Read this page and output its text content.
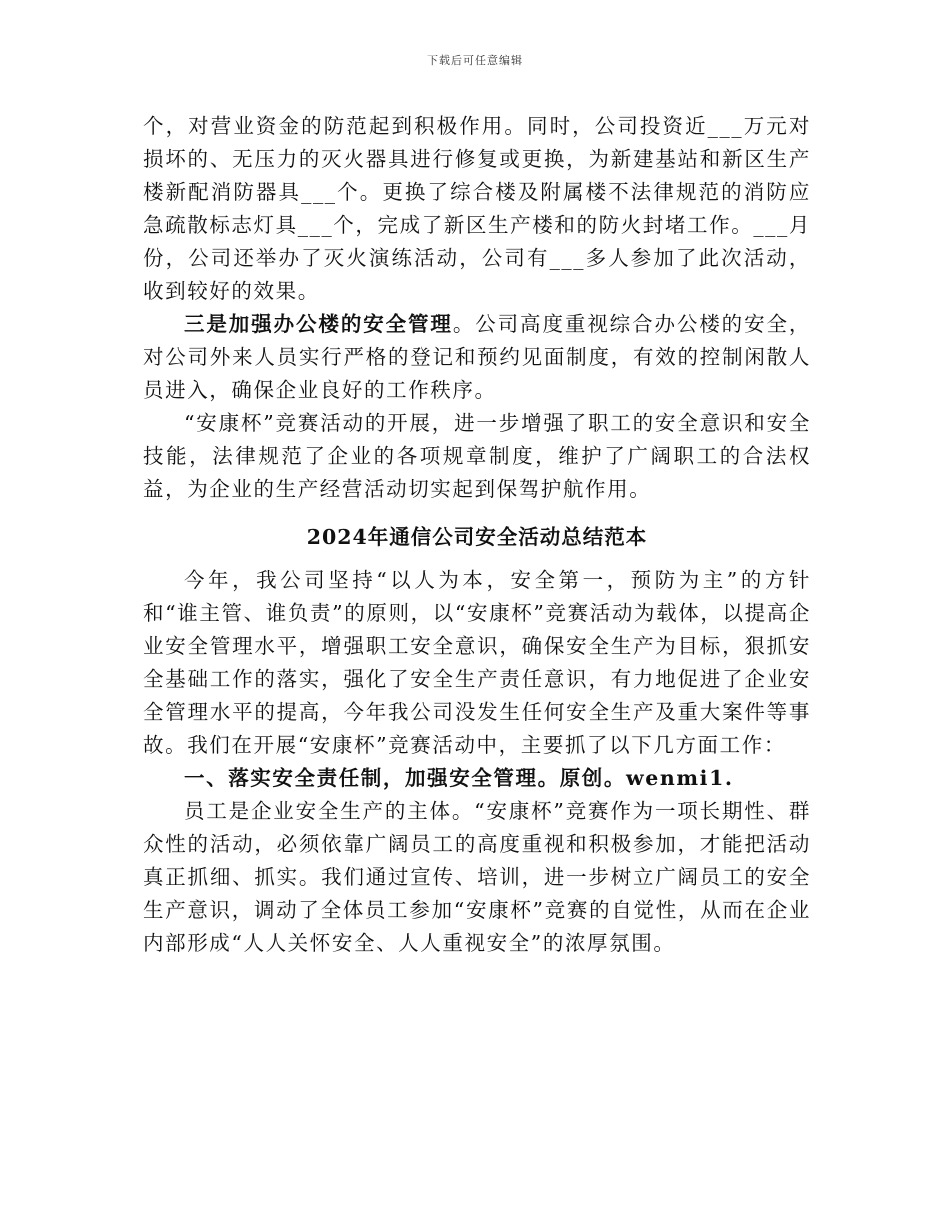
下载后可任意编辑

个，对营业资金的防范起到积极作用。同时，公司投资近___万元对损坏的、无压力的灭火器具进行修复或更换，为新建基站和新区生产楼新配消防器具___个。更换了综合楼及附属楼不法律规范的消防应急疏散标志灯具___个，完成了新区生产楼和的防火封堵工作。___月份，公司还举办了灭火演练活动，公司有___多人参加了此次活动，收到较好的效果。

三是加强办公楼的安全管理。公司高度重视综合办公楼的安全，对公司外来人员实行严格的登记和预约见面制度，有效的控制闲散人员进入，确保企业良好的工作秩序。

“安康杯”竞赛活动的开展，进一步增强了职工的安全意识和安全技能，法律规范了企业的各项规章制度，维护了广阔职工的合法权益，为企业的生产经营活动切实起到保驾护航作用。

2024年通信公司安全活动总结范本

今年，我公司坚持“以人为本，安全第一，预防为主”的方针和“谁主管、谁负责”的原则，以“安康杯”竞赛活动为载体，以提高企业安全管理水平，增强职工安全意识，确保安全生产为目标，狠抓安全基础工作的落实，强化了安全生产责任意识，有力地促进了企业安全管理水平的提高，今年我公司没发生任何安全生产及重大案件等事故。我们在开展“安康杯”竞赛活动中，主要抓了以下几方面工作：

一、落实安全责任制，加强安全管理。原创。wenmi1.

员工是企业安全生产的主体。“安康杯”竞赛作为一项长期性、群众性的活动，必须依靠广阔员工的高度重视和积极参加，才能把活动真正抓细、抓实。我们通过宣传、培训，进一步树立广阔员工的安全生产意识，调动了全体员工参加“安康杯”竞赛的自觉性，从而在企业内部形成“人人关怀安全、人人重视安全”的浓厚氛围。
